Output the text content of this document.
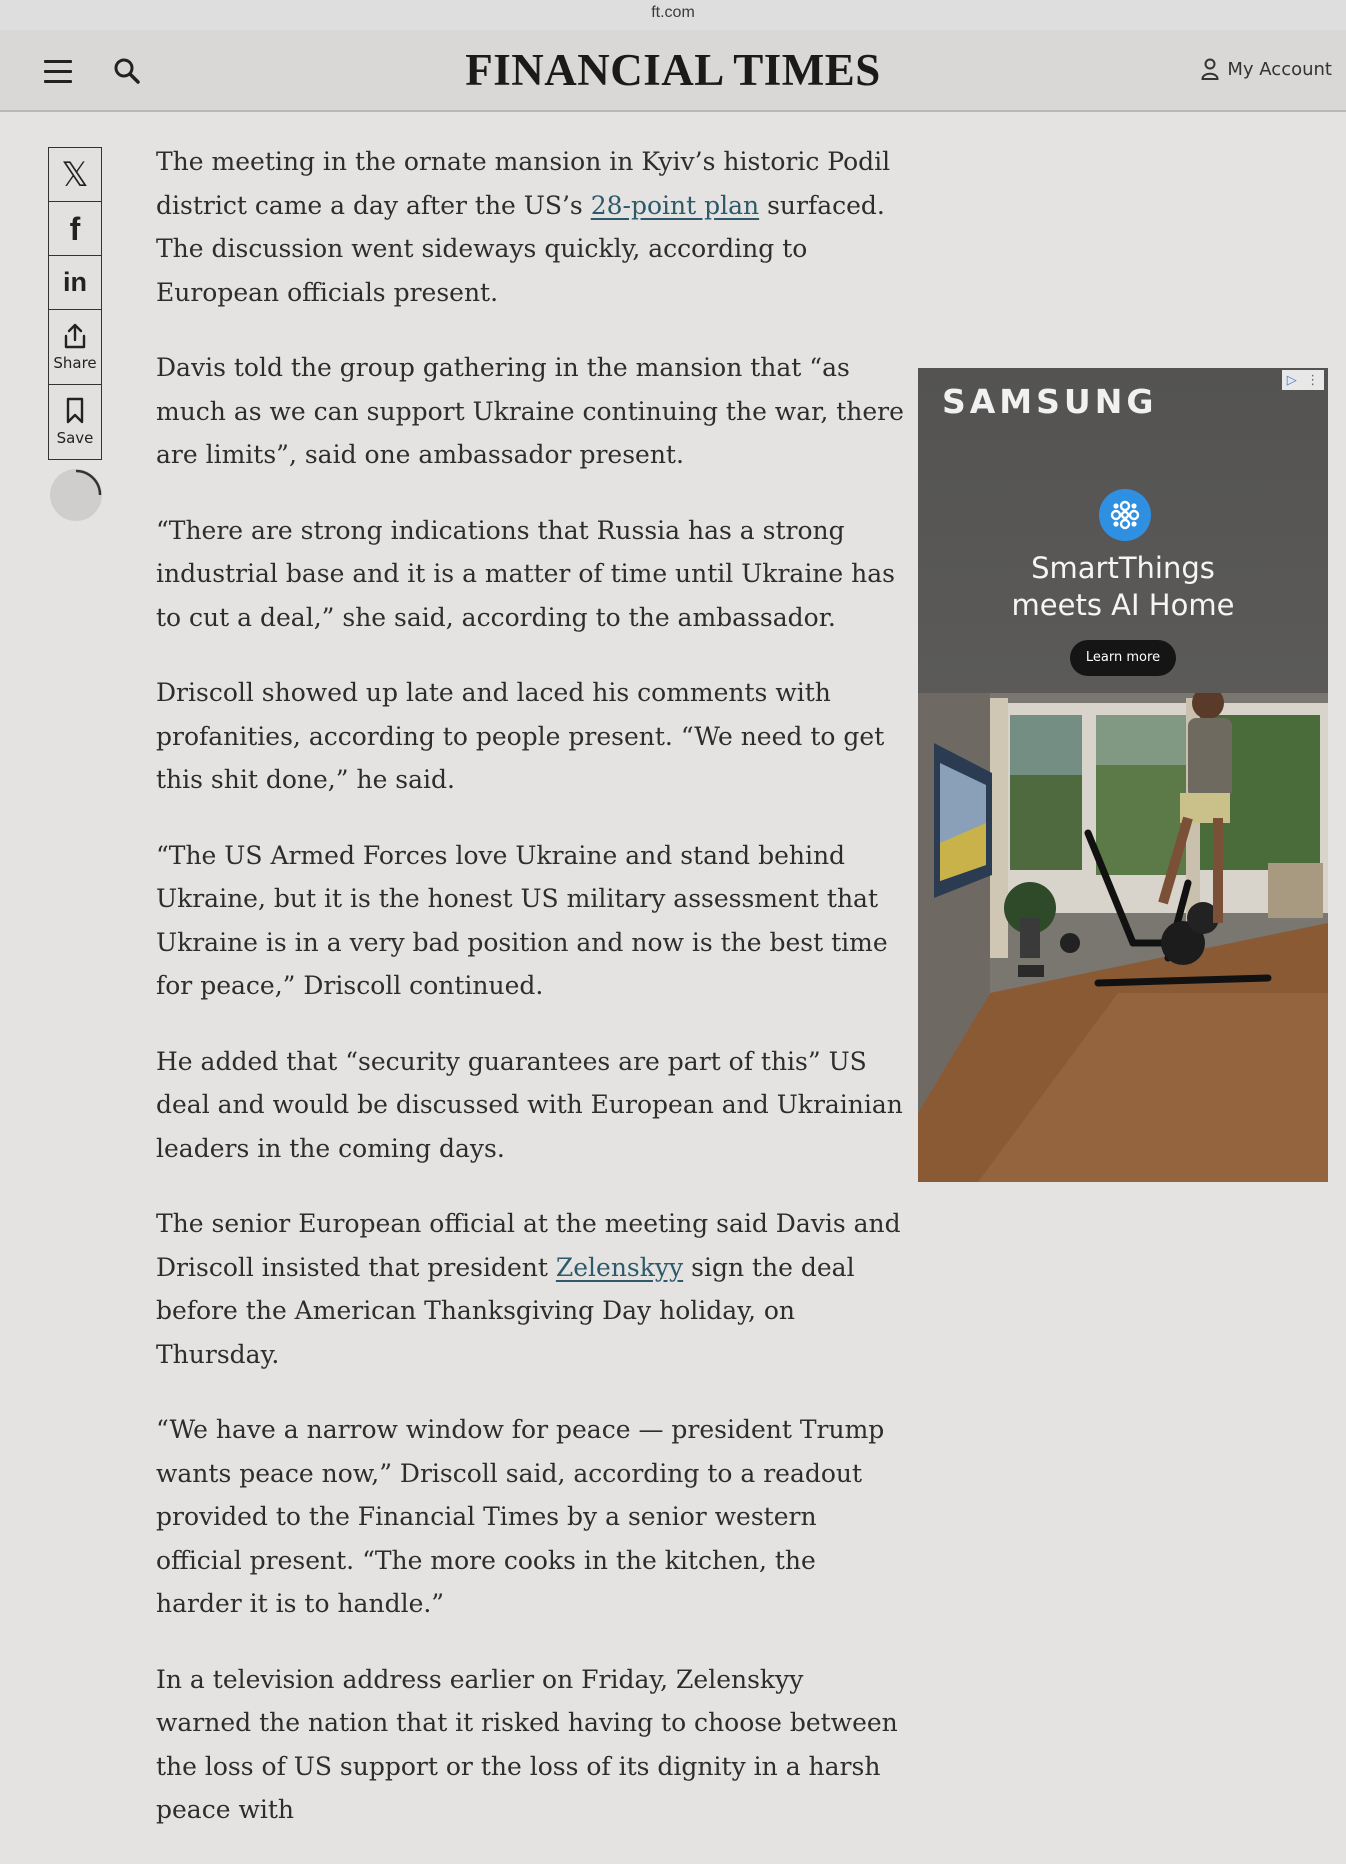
ft.com
FINANCIAL TIMES	My Account
𝕏
f
in
Share
Save

The meeting in the ornate mansion in Kyiv’s historic Podil district came a day after the US’s 28-point plan surfaced. The discussion went sideways quickly, according to European officials present.

Davis told the group gathering in the mansion that “as much as we can support Ukraine continuing the war, there are limits”, said one ambassador present.

“There are strong indications that Russia has a strong industrial base and it is a matter of time until Ukraine has to cut a deal,” she said, according to the ambassador.

Driscoll showed up late and laced his comments with profanities, according to people present. “We need to get this shit done,” he said.

“The US Armed Forces love Ukraine and stand behind Ukraine, but it is the honest US military assessment that Ukraine is in a very bad position and now is the best time for peace,” Driscoll continued.

He added that “security guarantees are part of this” US deal and would be discussed with European and Ukrainian leaders in the coming days.

The senior European official at the meeting said Davis and Driscoll insisted that president Zelenskyy sign the deal before the American Thanksgiving Day holiday, on Thursday.

“We have a narrow window for peace — president Trump wants peace now,” Driscoll said, according to a readout provided to the Financial Times by a senior western official present. “The more cooks in the kitchen, the harder it is to handle.”

In a television address earlier on Friday, Zelenskyy warned the nation that it risked having to choose between the loss of US support or the loss of its dignity in a harsh peace with

SAMSUNG
▷ ⋮
SmartThings
meets AI Home
Learn more
